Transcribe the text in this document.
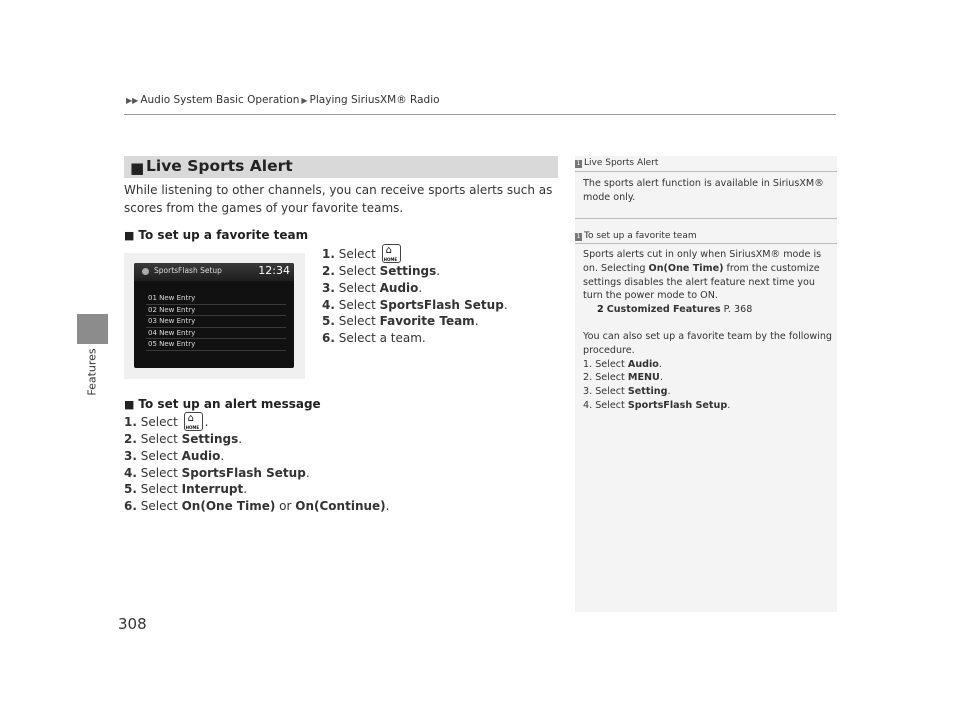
▶▶ Audio System Basic Operation ▶ Playing SiriusXM® Radio
Features
308
■ Live Sports Alert
While listening to other channels, you can receive sports alerts such as scores from the games of your favorite teams.
■ To set up a favorite team
1. Select ⌂
HOME
2. Select Settings.
3. Select Audio.
4. Select SportsFlash Setup.
5. Select Favorite Team.
6. Select a team.
SportsFlash Setup	12:34
01 New Entry
02 New Entry
03 New Entry
04 New Entry
05 New Entry
■ To set up an alert message
1. Select ⌂
HOME .
2. Select Settings.
3. Select Audio.
4. Select SportsFlash Setup.
5. Select Interrupt.
6. Select On(One Time) or On(Continue).
1 Live Sports Alert
The sports alert function is available in SiriusXM® mode only.
1 To set up a favorite team
Sports alerts cut in only when SiriusXM® mode is on. Selecting On(One Time) from the customize settings disables the alert feature next time you turn the power mode to ON.
2 Customized Features P. 368
You can also set up a favorite team by the following procedure.
1. Select Audio.
2. Select MENU.
3. Select Setting.
4. Select SportsFlash Setup.
